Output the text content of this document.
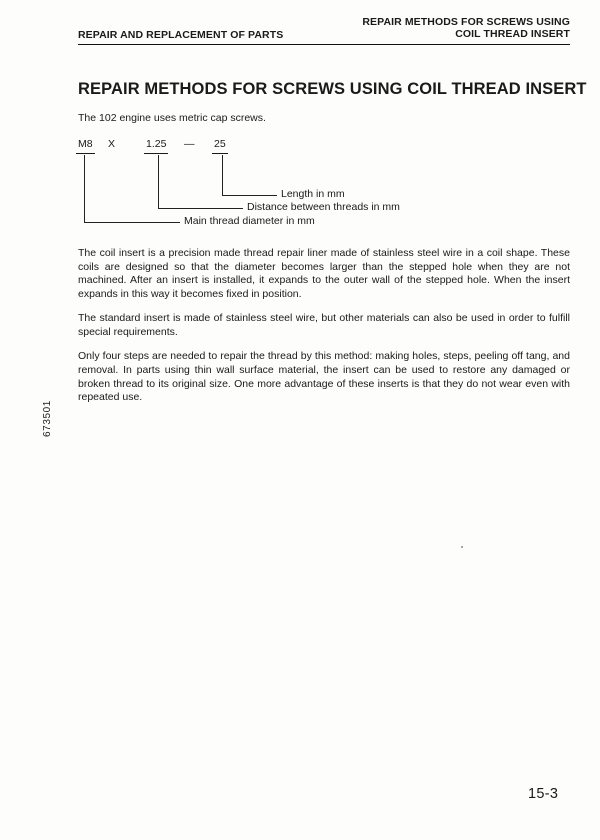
REPAIR AND REPLACEMENT OF PARTS
REPAIR METHODS FOR SCREWS USING
COIL THREAD INSERT
REPAIR METHODS FOR SCREWS USING COIL THREAD INSERT
The 102 engine uses metric cap screws.
M8 X	1.25 — 25
Length in mm
Distance between threads in mm
Main thread diameter in mm
The coil insert is a precision made thread repair liner made of stainless steel wire in a coil shape. These coils are designed so that the diameter becomes larger than the stepped hole when they are not machined. After an insert is installed, it expands to the outer wall of the stepped hole. When the insert expands in this way it becomes fixed in position.
The standard insert is made of stainless steel wire, but other materials can also be used in order to fulfill special requirements.
Only four steps are needed to repair the thread by this method: making holes, steps, peeling off tang, and removal. In parts using thin wall surface material, the insert can be used to restore any damaged or broken thread to its original size. One more advantage of these inserts is that they do not wear even with repeated use.
673501
15-3
